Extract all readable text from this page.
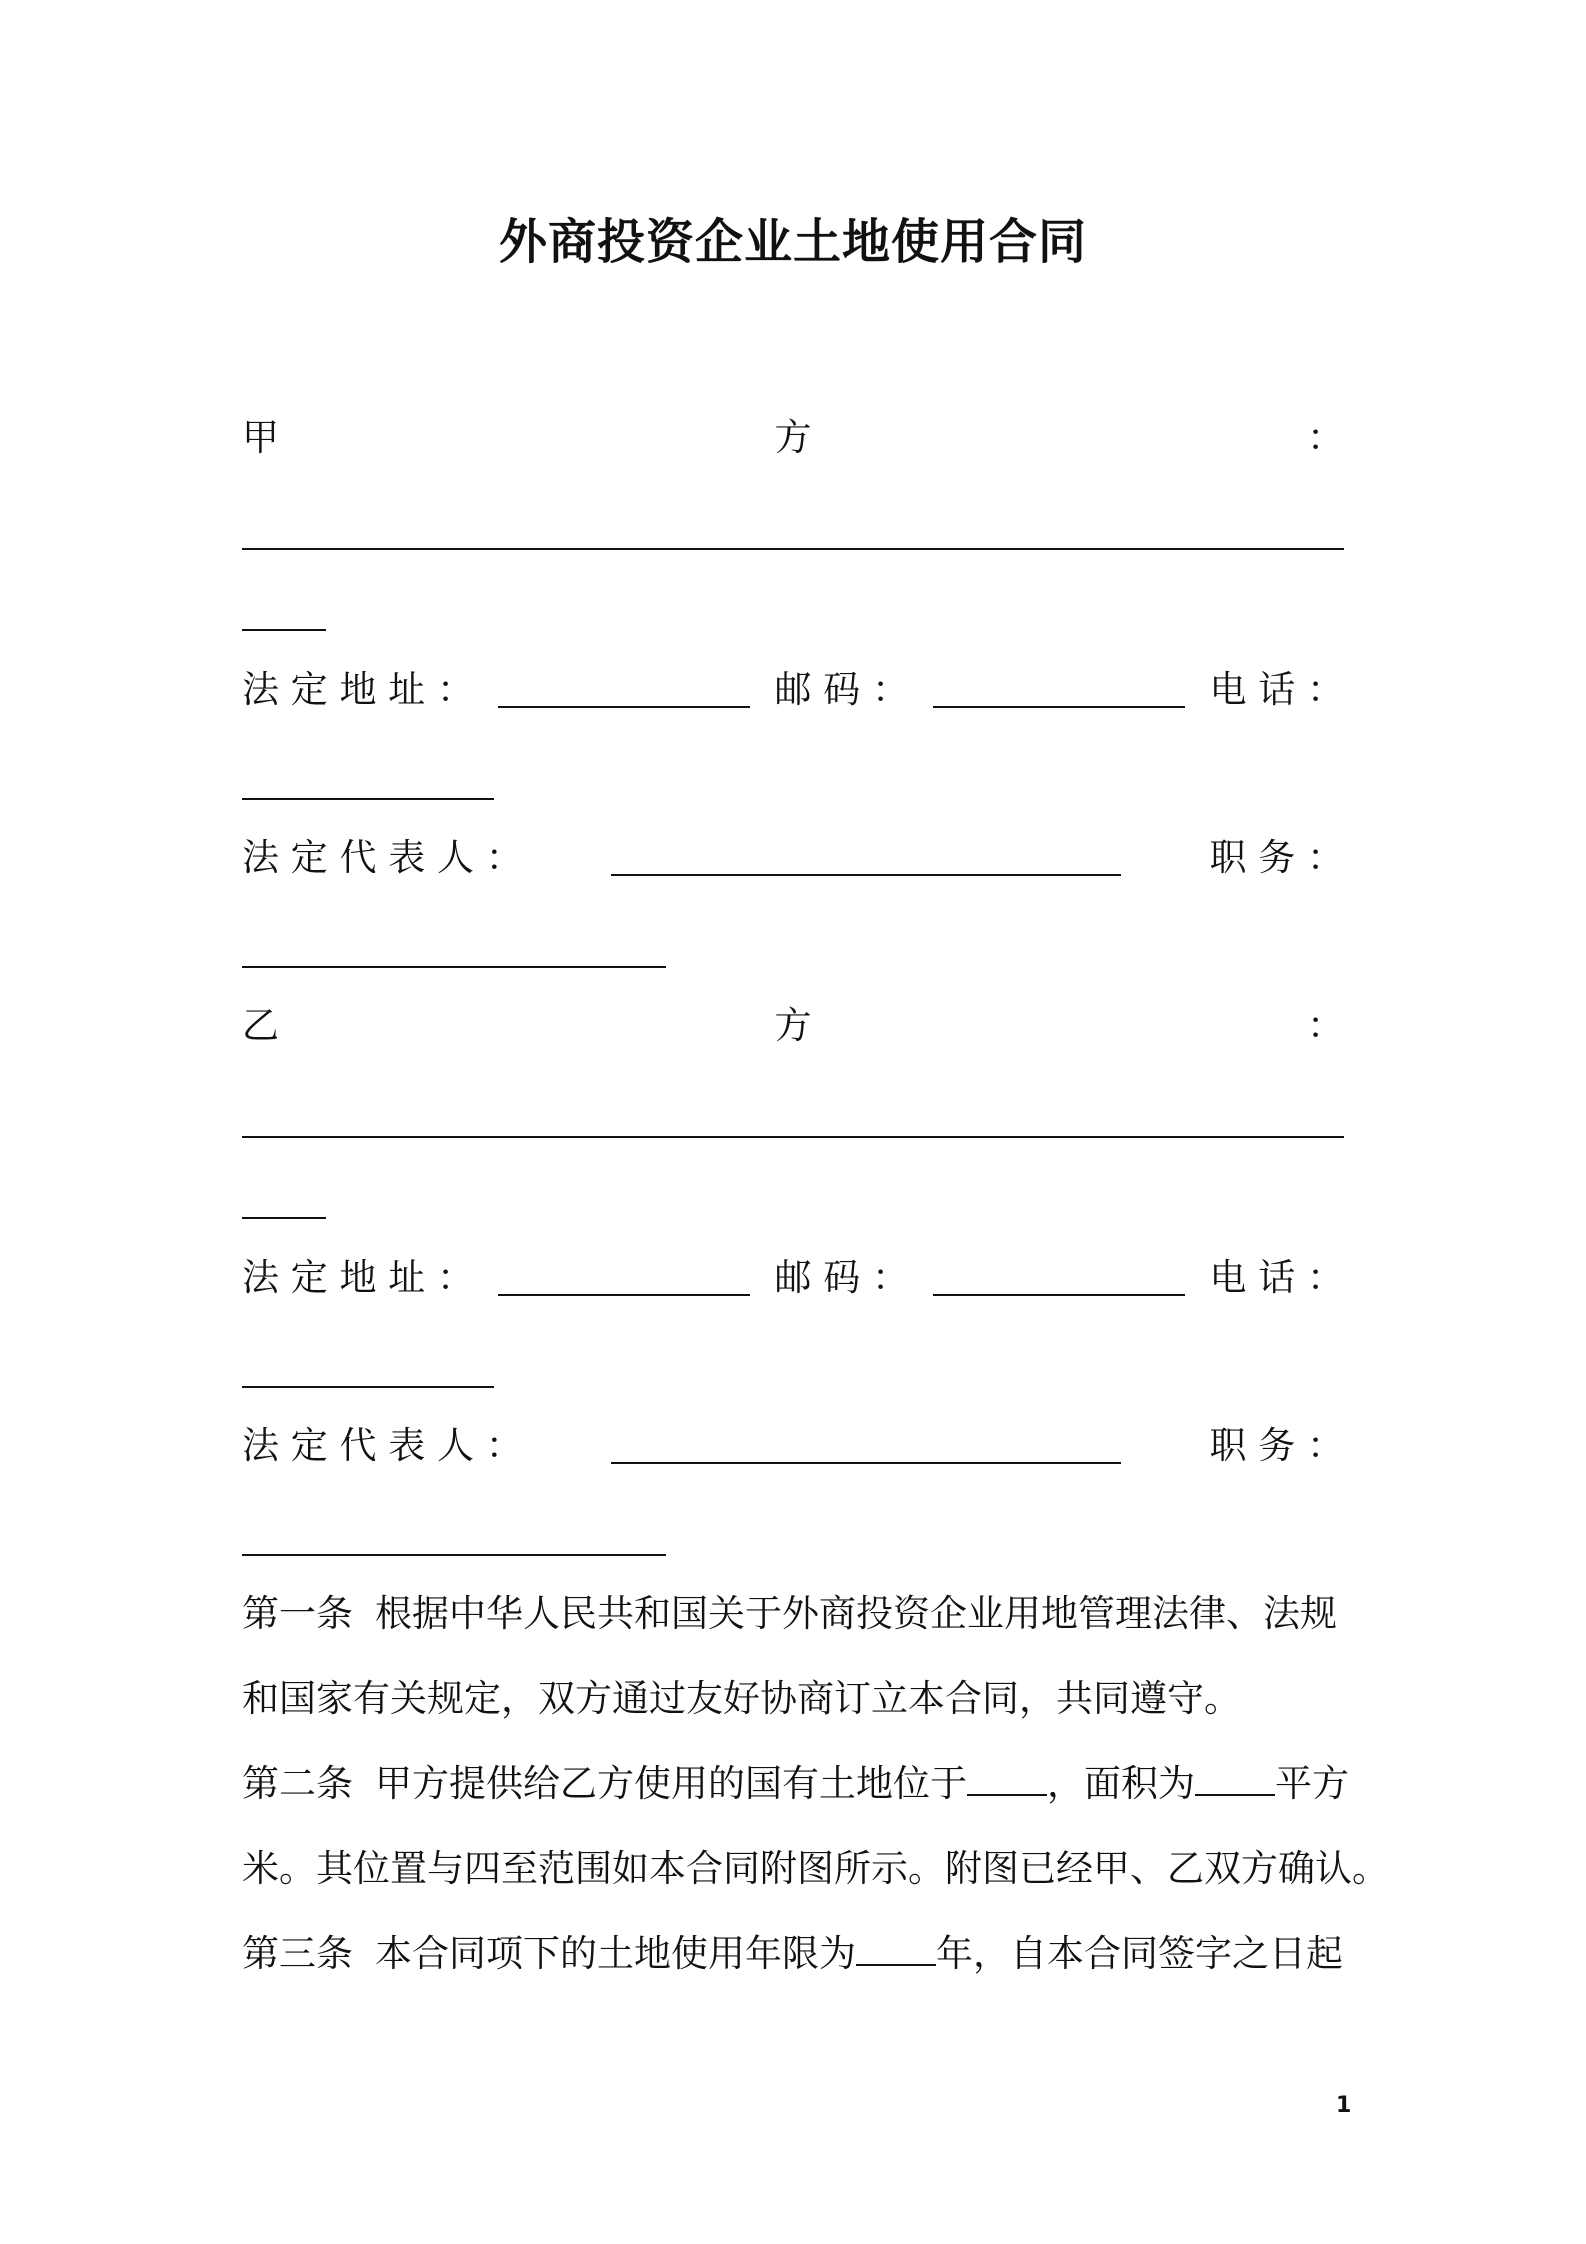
外商投资企业土地使用合同
甲	方	：
法 定 地 址 ：	邮 码 ：	电 话 ：
法 定 代 表 人 ：	职 务 ：
乙	方	：
法 定 地 址 ：	邮 码 ：	电 话 ：
法 定 代 表 人 ：	职 务 ：
第一条 根据中华人民共和国关于外商投资企业用地管理法律、法规
和国家有关规定，双方通过友好协商订立本合同，共同遵守。
第二条 甲方提供给乙方使用的国有土地位于 ，面积为 平方
米。其位置与四至范围如本合同附图所示。附图已经甲、乙双方确认。
第三条 本合同项下的土地使用年限为 年，自本合同签字之日起
1
